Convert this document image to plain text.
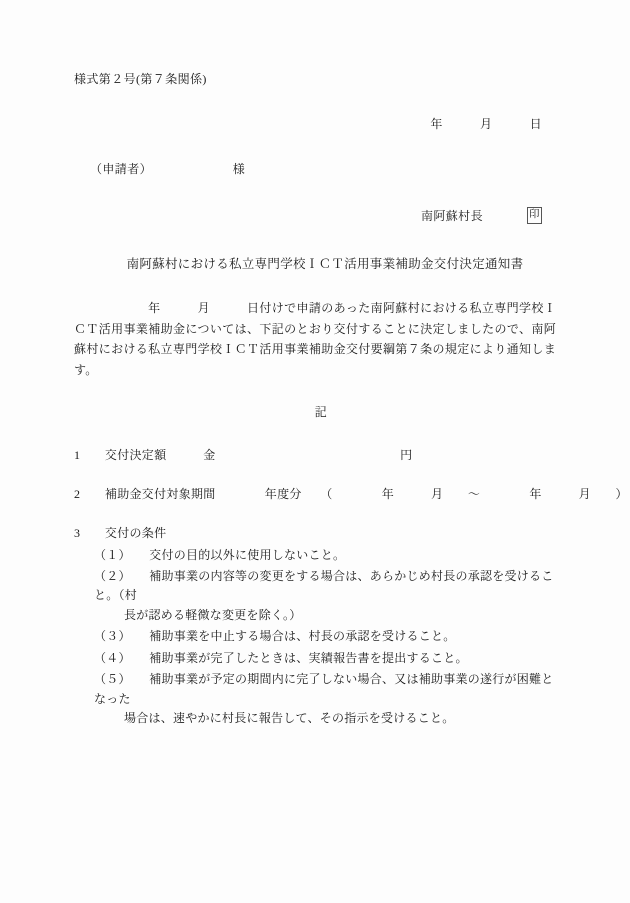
様式第２号(第７条関係)
年　　　月　　　日
（申請者）　　　　　　　様
南阿蘇村長	印
南阿蘇村における私立専門学校ＩＣＴ活用事業補助金交付決定通知書
年　　　月　　　日付けで申請のあった南阿蘇村における私立専門学校ＩＣＴ活用事業補助金については、下記のとおり交付することに決定しましたので、南阿蘇村における私立専門学校ＩＣＴ活用事業補助金交付要綱第７条の規定により通知します。
記
1　　交付決定額　　　金　　　　　　　　　　　　　　　円
2　　補助金交付対象期間　　　　年度分　　（　　　　年　　　月　　〜　　　　年　　　月　　）
3　　交付の条件
（１）　　交付の目的以外に使用しないこと。
（２）　　補助事業の内容等の変更をする場合は、あらかじめ村長の承認を受けること。（村
長が認める軽微な変更を除く。）
（３）　　補助事業を中止する場合は、村長の承認を受けること。
（４）　　補助事業が完了したときは、実績報告書を提出すること。
（５）　　補助事業が予定の期間内に完了しない場合、又は補助事業の遂行が困難となった
場合は、速やかに村長に報告して、その指示を受けること。
